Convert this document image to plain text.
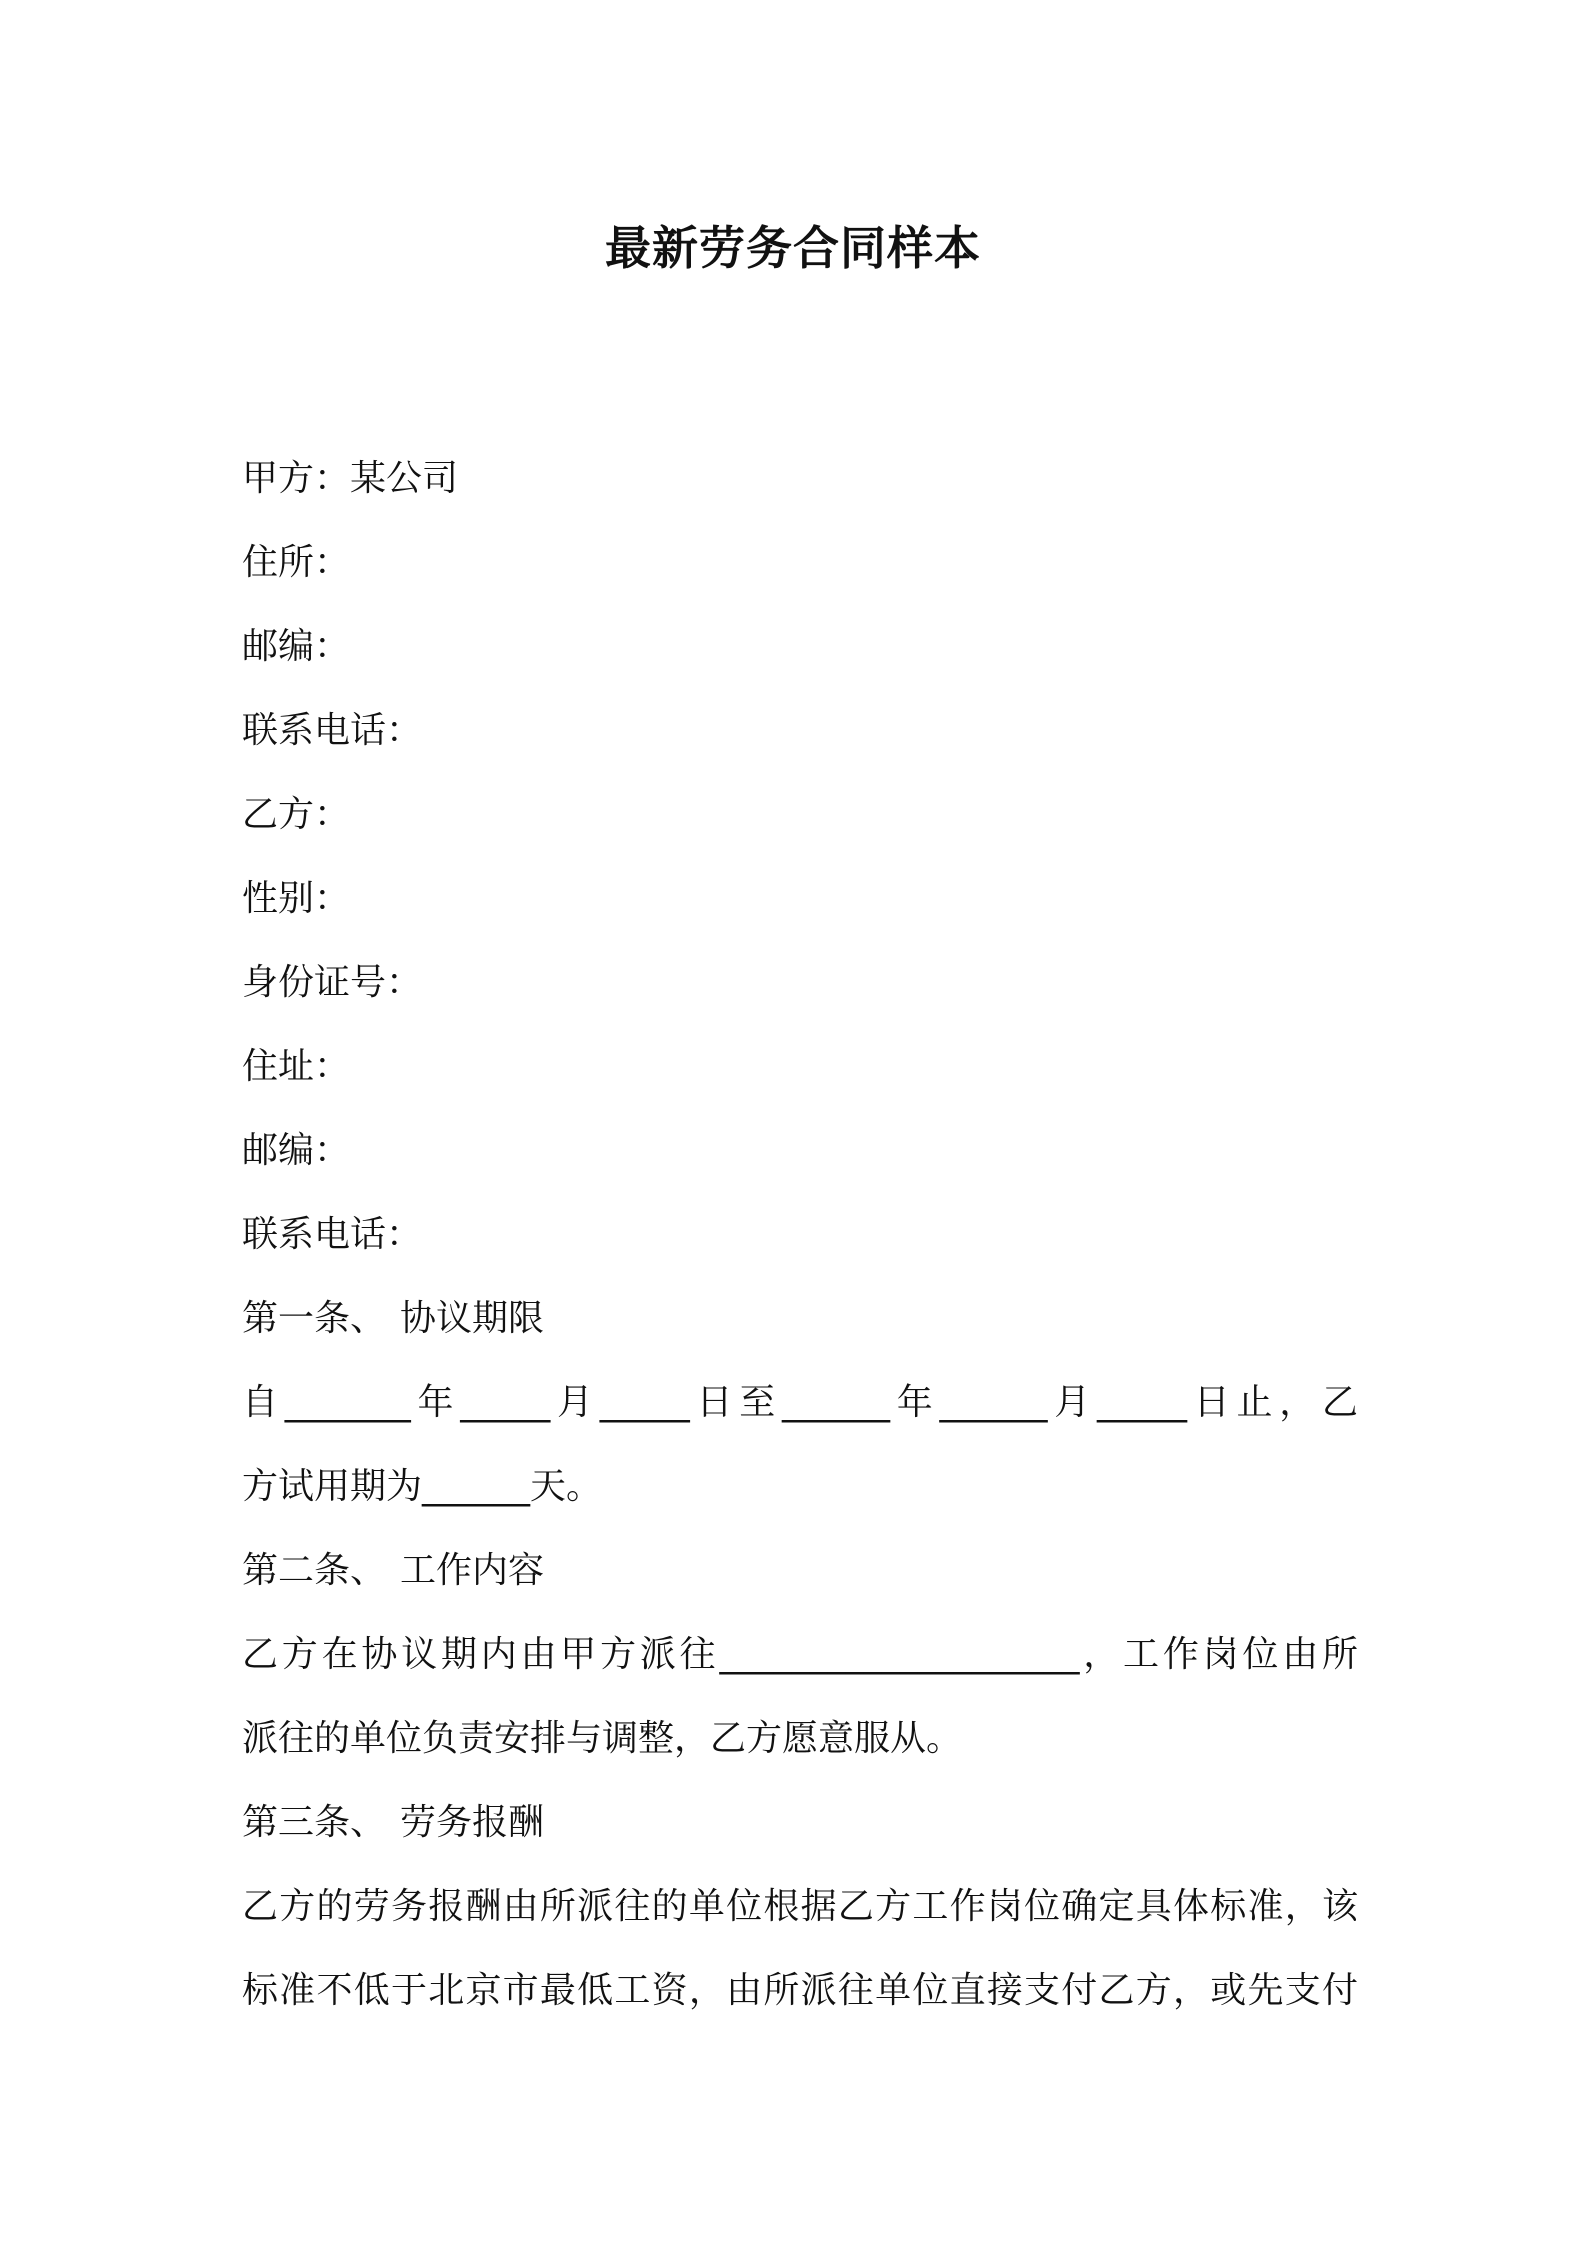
最新劳务合同样本
甲方：某公司
住所：
邮编：
联系电话：
乙方：
性别：
身份证号：
住址：
邮编：
联系电话：
第一条、 协议期限
自_______年_____月_____日至______年______月_____日止，乙
方试用期为______天。
第二条、 工作内容
乙方在协议期内由甲方派往____________________，工作岗位由所
派往的单位负责安排与调整，乙方愿意服从。
第三条、 劳务报酬
乙方的劳务报酬由所派往的单位根据乙方工作岗位确定具体标准，该
标准不低于北京市最低工资，由所派往单位直接支付乙方，或先支付
